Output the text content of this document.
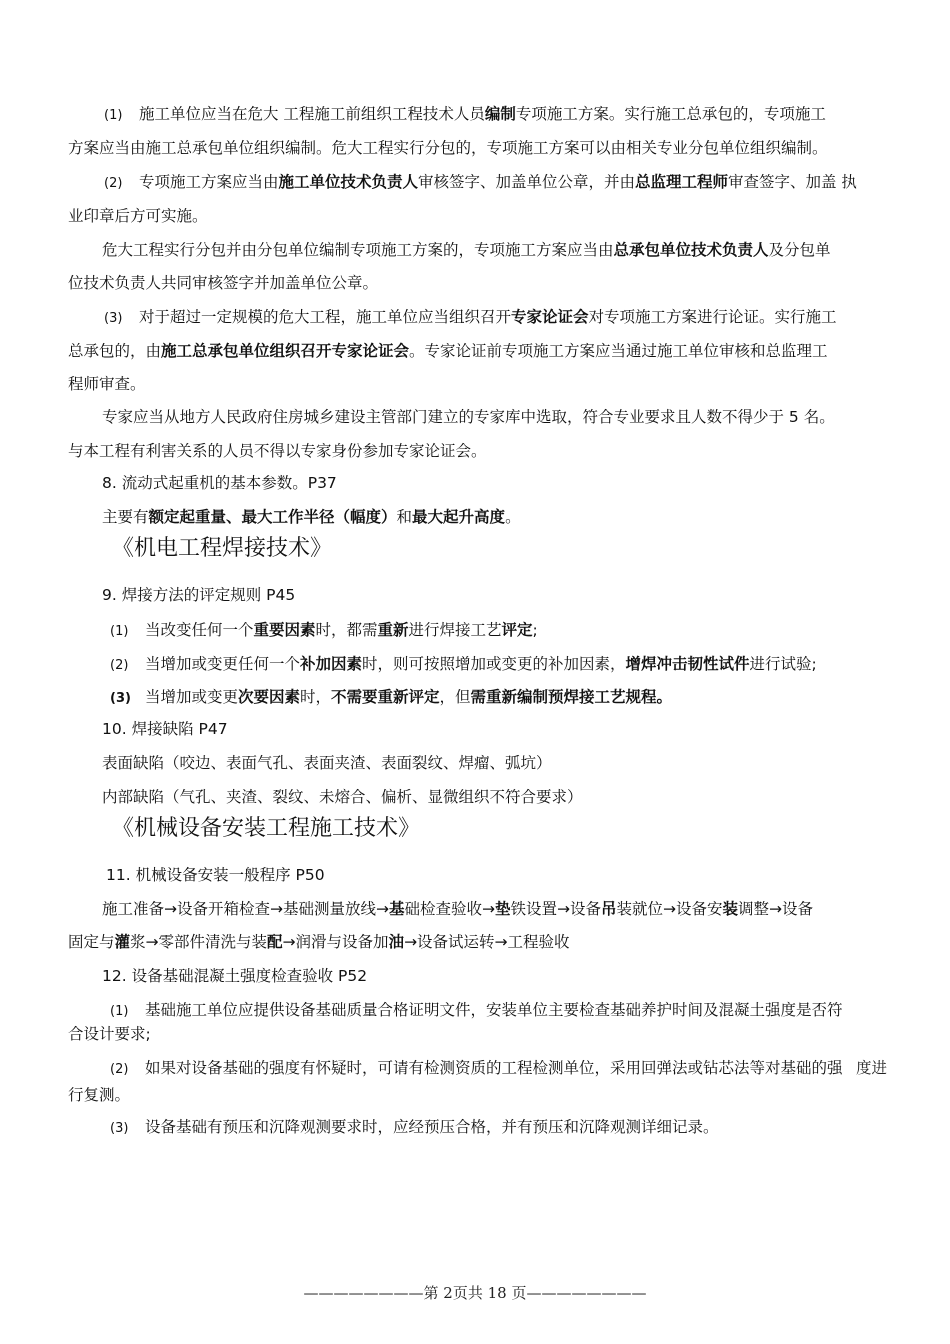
(1) 施工单位应当在危大 工程施工前组织工程技术人员编制专项施工方案。实行施工总承包的，专项施工
方案应当由施工总承包单位组织编制。危大工程实行分包的，专项施工方案可以由相关专业分包单位组织编制。
(2) 专项施工方案应当由施工单位技术负责人审核签字、加盖单位公章，并由总监理工程师审查签字、加盖 执
业印章后方可实施。
危大工程实行分包并由分包单位编制专项施工方案的，专项施工方案应当由总承包单位技术负责人及分包单
位技术负责人共同审核签字并加盖单位公章。
(3) 对于超过一定规模的危大工程，施工单位应当组织召开专家论证会对专项施工方案进行论证。实行施工
总承包的，由施工总承包单位组织召开专家论证会。专家论证前专项施工方案应当通过施工单位审核和总监理工
程师审查。
专家应当从地方人民政府住房城乡建设主管部门建立的专家库中选取，符合专业要求且人数不得少于 5 名。
与本工程有利害关系的人员不得以专家身份参加专家论证会。
8. 流动式起重机的基本参数。P37
主要有额定起重量、最大工作半径（幅度）和最大起升高度。
《机电工程焊接技术》
9. 焊接方法的评定规则 P45
(1) 当改变任何一个重要因素时，都需重新进行焊接工艺评定;
(2) 当增加或变更任何一个补加因素时，则可按照增加或变更的补加因素，增焊冲击韧性试件进行试验;
(3) 当增加或变更次要因素时，不需要重新评定，但需重新编制预焊接工艺规程。
10. 焊接缺陷 P47
表面缺陷（咬边、表面气孔、表面夹渣、表面裂纹、焊瘤、弧坑）
内部缺陷（气孔、夹渣、裂纹、未熔合、偏析、显微组织不符合要求）
《机械设备安装工程施工技术》
11. 机械设备安装一般程序 P50
施工准备→设备开箱检查→基础测量放线→基础检查验收→垫铁设置→设备吊装就位→设备安装调整→设备
固定与灌浆→零部件清洗与装配→润滑与设备加油→设备试运转→工程验收
12. 设备基础混凝土强度检查验收 P52
(1) 基础施工单位应提供设备基础质量合格证明文件，安装单位主要检查基础养护时间及混凝土强度是否符
合设计要求;
(2) 如果对设备基础的强度有怀疑时，可请有检测资质的工程检测单位，采用回弹法或钻芯法等对基础的强 度进
行复测。
(3) 设备基础有预压和沉降观测要求时，应经预压合格，并有预压和沉降观测详细记录。
————————第 2页共 18 页————————
